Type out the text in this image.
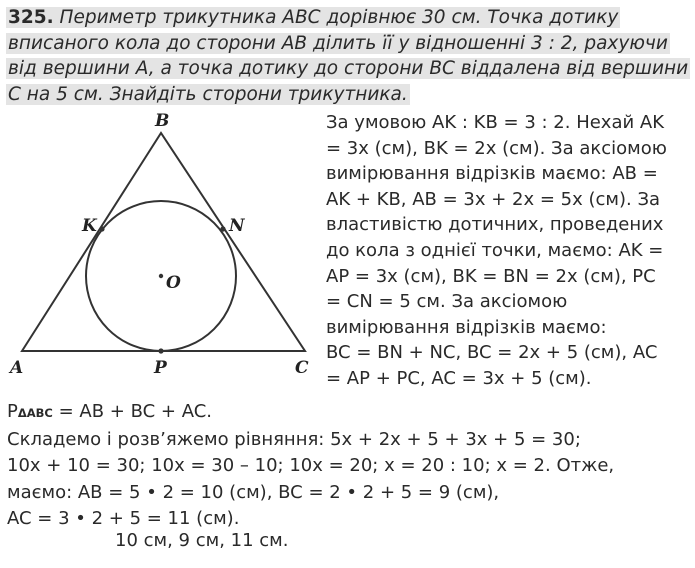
325. Периметр трикутника ABC дорівнює 30 см. Точка дотику
вписаного кола до сторони AB ділить її у відношенні 3 : 2, рахуючи
від вершини A, а точка дотику до сторони BC віддалена від вершини
C на 5 см. Знайдіть сторони трикутника.
B
K	N
O
A	P	C
За умовою AK : KB = 3 : 2. Нехай AK
= 3x (см), BK = 2x (см). За аксіомою
вимірювання відрізків маємо: AB =
AK + KB, AB = 3x + 2x = 5x (см). За
властивістю дотичних, проведених
до кола з однієї точки, маємо: AK =
AP = 3x (см), BK = BN = 2x (см), PC
= CN = 5 см. За аксіомою
вимірювання відрізків маємо:
BC = BN + NC, BC = 2x + 5 (см), AC
= AP + PC, AC = 3x + 5 (см).
PΔABC = AB + BC + AC.
Складемо і розв’яжемо рівняння: 5x + 2x + 5 + 3x + 5 = 30;
10x + 10 = 30; 10x = 30 – 10; 10x = 20; x = 20 : 10; x = 2. Отже,
маємо: AB = 5 • 2 = 10 (см), BC = 2 • 2 + 5 = 9 (см),
AC = 3 • 2 + 5 = 11 (см).
10 см, 9 см, 11 см.
